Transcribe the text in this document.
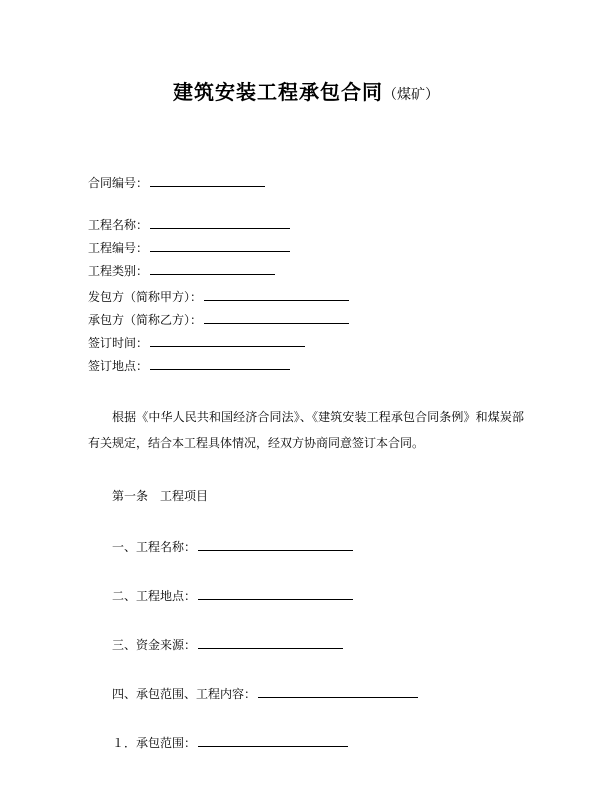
建筑安装工程承包合同（煤矿）
合同编号：
工程名称：
工程编号：
工程类别：
发包方（简称甲方）：
承包方（简称乙方）：
签订时间：
签订地点：

根据《中华人民共和国经济合同法》、《建筑安装工程承包合同条例》和煤炭部有关规定，结合本工程具体情况，经双方协商同意签订本合同。

第一条　工程项目

一、工程名称：
二、工程地点：
三、资金来源：
四、承包范围、工程内容：
１．承包范围：
